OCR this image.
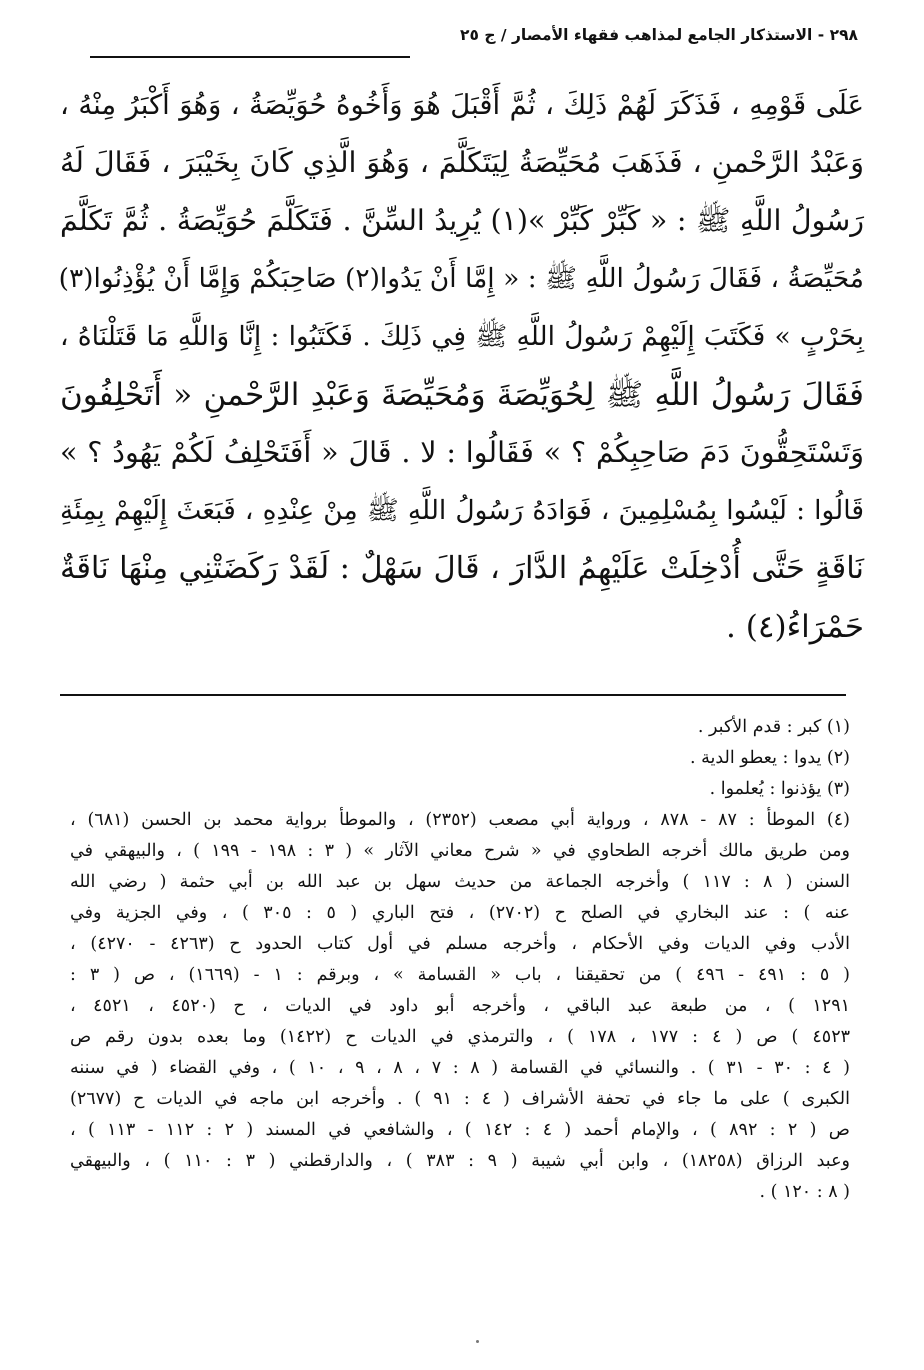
٢٩٨ - الاستذكار الجامع لمذاهب فقهاء الأمصار / ج ٢٥
عَلَى قَوْمِهِ ، فَذَكَرَ لَهُمْ ذَلِكَ ، ثُمَّ أَقْبَلَ هُوَ وَأَخُوهُ حُوَيِّصَةُ ، وَهُوَ أَكْبَرُ مِنْهُ ،
وَعَبْدُ الرَّحْمنِ ، فَذَهَبَ مُحَيِّصَةُ لِيَتَكَلَّمَ ، وَهُوَ الَّذِي كَانَ بِخَيْبَرَ ، فَقَالَ لَهُ
رَسُولُ اللَّهِ ﷺ : « كَبِّرْ كَبِّرْ »(١) يُرِيدُ السِّنَّ . فَتَكَلَّمَ حُوَيِّصَةُ . ثُمَّ تَكَلَّمَ
مُحَيِّصَةُ ، فَقَالَ رَسُولُ اللَّهِ ﷺ : « إِمَّا أَنْ يَدُوا(٢) صَاحِبَكُمْ وَإِمَّا أَنْ يُؤْذِنُوا(٣)
بِحَرْبٍ » فَكَتَبَ إِلَيْهِمْ رَسُولُ اللَّهِ ﷺ فِي ذَلِكَ . فَكَتَبُوا : إِنَّا وَاللَّهِ مَا قَتَلْنَاهُ ،
فَقَالَ رَسُولُ اللَّهِ ﷺ لِحُوَيِّصَةَ وَمُحَيِّصَةَ وَعَبْدِ الرَّحْمنِ « أَتَحْلِفُونَ
وَتَسْتَحِقُّونَ دَمَ صَاحِبِكُمْ ؟ » فَقَالُوا : لا . قَالَ « أَفَتَحْلِفُ لَكُمْ يَهُودُ ؟ »
قَالُوا : لَيْسُوا بِمُسْلِمِينَ ، فَوَادَهُ رَسُولُ اللَّهِ ﷺ مِنْ عِنْدِهِ ، فَبَعَثَ إِلَيْهِمْ بِمِئَةِ
نَاقَةٍ حَتَّى أُدْخِلَتْ عَلَيْهِمُ الدَّارَ ، قَالَ سَهْلٌ : لَقَدْ رَكَضَتْنِي مِنْهَا نَاقَةٌ
حَمْرَاءُ(٤) .
(١) كبر : قدم الأكبر .
(٢) يدوا : يعطو الدية .
(٣) يؤذنوا : يُعلموا .
(٤) الموطأ : ٨٧ - ٨٧٨ ، ورواية أبي مصعب (٢٣٥٢) ، والموطأ برواية محمد بن الحسن (٦٨١) ،
ومن طريق مالك أخرجه الطحاوي في « شرح معاني الآثار » ( ٣ : ١٩٨ - ١٩٩ ) ، والبيهقي في
السنن ( ٨ : ١١٧ ) وأخرجه الجماعة من حديث سهل بن عبد الله بن أبي حثمة ( رضي الله
عنه ) : عند البخاري في الصلح ح (٢٧٠٢) ، فتح الباري ( ٥ : ٣٠٥ ) ، وفي الجزية وفي
الأدب وفي الديات وفي الأحكام ، وأخرجه مسلم في أول كتاب الحدود ح (٤٢٦٣ - ٤٢٧٠) ،
( ٥ : ٤٩١ - ٤٩٦ ) من تحقيقنا ، باب « القسامة » ، وبرقم : ١ - (١٦٦٩) ، ص ( ٣ :
١٢٩١ ) ، من طبعة عبد الباقي ، وأخرجه أبو داود في الديات ، ح (٤٥٢٠ ، ٤٥٢١ ،
٤٥٢٣ ) ص ( ٤ : ١٧٧ ، ١٧٨ ) ، والترمذي في الديات ح (١٤٢٢) وما بعده بدون رقم ص
( ٤ : ٣٠ - ٣١ ) . والنسائي في القسامة ( ٨ : ٧ ، ٨ ، ٩ ، ١٠ ) ، وفي القضاء ( في سننه
الكبرى ) على ما جاء في تحفة الأشراف ( ٤ : ٩١ ) . وأخرجه ابن ماجه في الديات ح (٢٦٧٧)
ص ( ٢ : ٨٩٢ ) ، والإمام أحمد ( ٤ : ١٤٢ ) ، والشافعي في المسند ( ٢ : ١١٢ - ١١٣ ) ،
وعبد الرزاق (١٨٢٥٨) ، وابن أبي شيبة ( ٩ : ٣٨٣ ) ، والدارقطني ( ٣ : ١١٠ ) ، والبيهقي
( ٨ : ١٢٠ ) .
